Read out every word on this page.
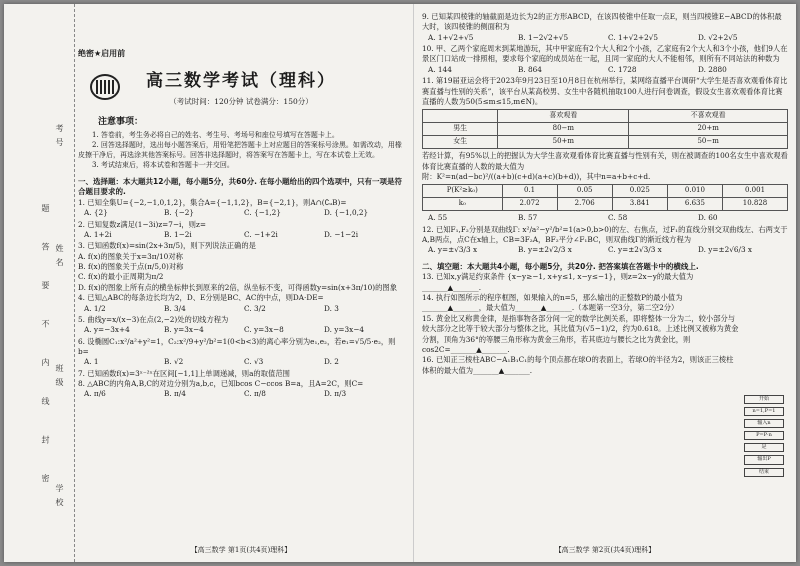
考号
题 答 要 不 内 线 封 密 姓名
班级
学校
绝密★启用前
高三数学考试（理科）
（考试时间：120分钟 试卷满分：150分）
注意事项：

1. 答卷前，考生务必将自己的姓名、考生号、考场号和座位号填写在答题卡上。

2. 回答选择题时，选出每小题答案后，用铅笔把答题卡上对应题目的答案标号涂黑。如需改动，用橡皮擦干净后，再选涂其他答案标号。回答非选择题时，将答案写在答题卡上，写在本试卷上无效。

3. 考试结束后，将本试卷和答题卡一并交回。

一、选择题：本大题共12小题，每小题5分，共60分. 在每小题给出的四个选项中，只有一项是符合题目要求的.

1. 已知全集U={−2,−1,0,1,2}，集合A={−1,1,2}，B={−2,1}，则A∩(∁ᵤB)=

A. {2}	B. {−2}	C. {−1,2}	D. {−1,0,2}

2. 已知复数z满足(1−3i)z=7−i，则z=

A. 1+2i	B. 1−2i	C. −1+2i	D. −1−2i

3. 已知函数f(x)=sin(2x+3π/5)，则下列说法正确的是

A. f(x)的图象关于x=3π/10对称

B. f(x)的图象关于点(π/5,0)对称

C. f(x)的最小正周期为π/2

D. f(x)的图象上所有点的横坐标伸长到原来的2倍，纵坐标不变，可得函数y=sin(x+3π/10)的图象

4. 已知△ABC的每条边长均为2，D、E分别是BC、AC的中点，则DA·DE=

A. 1/2	B. 3/4	C. 3/2	D. 3

5. 曲线y=x/(x−3)在点(2,−2)处的切线方程为

A. y=−3x+4	B. y=3x−4	C. y=3x−8	D. y=3x−4

6. 设椭圆C₁:x²/a²+y²=1，C₂:x²/9+y²/b²=1(0<b<3)的离心率分别为e₁,e₂，若e₁=√5/5·e₂，则b=

A. 1	B. √2	C. √3	D. 2

7. 已知函数f(x)=3ˣ⁻²ˣ在区间[−1,1]上单调递减，则a的取值范围

8. △ABC的内角A,B,C的对边分别为a,b,c，已知bcos C−ccos B=a，且A=2C，则C=

A. π/6	B. π/4	C. π/8	D. π/3
【高三数学 第1页(共4页)理科】

9. 已知某四棱锥的轴截面是边长为2的正方形ABCD，在该四棱锥中任取一点E，则当四棱锥E−ABCD的体积最大时，该四棱锥的侧面积为

A. 1+√2+√5	B. 1−2√2+√5	C. 1+√2+2√5	D. √2+2√5

10. 甲、乙两个家庭周末到某地游玩，其中甲家庭有2个大人和2个小孩，乙家庭有2个大人和3个小孩，他们9人在景区门口站成一排照相，要求每个家庭的成员站在一起，且同一家庭的大人不能相邻，则所有不同站法的种数为

A. 144	B. 864	C. 1728	D. 2880

11. 第19届亚运会将于2023年9月23日至10月8日在杭州举行，某网络直播平台调研“大学生是否喜欢观看体育比赛直播与性别的关系”，该平台从某高校男、女生中各随机抽取100人进行问卷调查，假设女生喜欢观看体育比赛直播的人数为50(5≤m≤15,m∈N)。

	喜欢观看	不喜欢观看
男生	80−m	20+m
女生	50+m	50−m

若经计算，有95%以上的把握认为大学生喜欢观看体育比赛直播与性别有关，则在被调查的100名女生中喜欢观看体育比赛直播的人数的最大值为

附：K²=n(ad−bc)²/((a+b)(c+d)(a+c)(b+d))，其中n=a+b+c+d.

P(K²≥k₀)	0.1	0.05	0.025	0.010	0.001
k₀	2.072	2.706	3.841	6.635	10.828
A. 55	B. 57	C. 58	D. 60

12. 已知F₁,F₂分别是双曲线Γ: x²/a²−y²/b²=1(a>0,b>0)的左、右焦点，过F₁的直线分别交双曲线左、右两支于A,B两点，点C在x轴上，CB=3F₂A，BF₂平分∠F₁BC，则双曲线Γ的渐近线方程为

A. y=±√3/3 x	B. y=±2√2/3 x	C. y=±2√3/3 x	D. y=±2√6/3 x
二、填空题：本大题共4小题，每小题5分，共20分. 把答案填在答题卡中的横线上.

13. 已知x,y满足约束条件 {x−y≥−1, x+y≤1, x−y≤−1}，则z=2x−y的最大值为_______▲_______.

14. 执行如图所示的程序框图，如果输入的n=5，那么输出的正整数P的最小值为_______▲_______，最大值为_______▲_______.（本题第一空3分，第二空2分）

15. 黄金比又称黄金律，是指事物各部分间一定的数学比例关系，即将整体一分为二，较小部分与较大部分之比等于较大部分与整体之比，其比值为(√5−1)/2，约为0.618。上述比例又被称为黄金分割，顶角为36°的等腰三角形称为黄金三角形，若其底边与腰长之比为黄金比，则cos2C=_______▲_______.

16. 已知正三棱柱ABC−A₁B₁C₁的每个顶点都在球O的表面上，若球O的半径为2，则该正三棱柱体积的最大值为_______▲_______.

开始
n=1,P=1
输入n
P=P·n
是
输出P
结束
【高三数学 第2页(共4页)理科】
